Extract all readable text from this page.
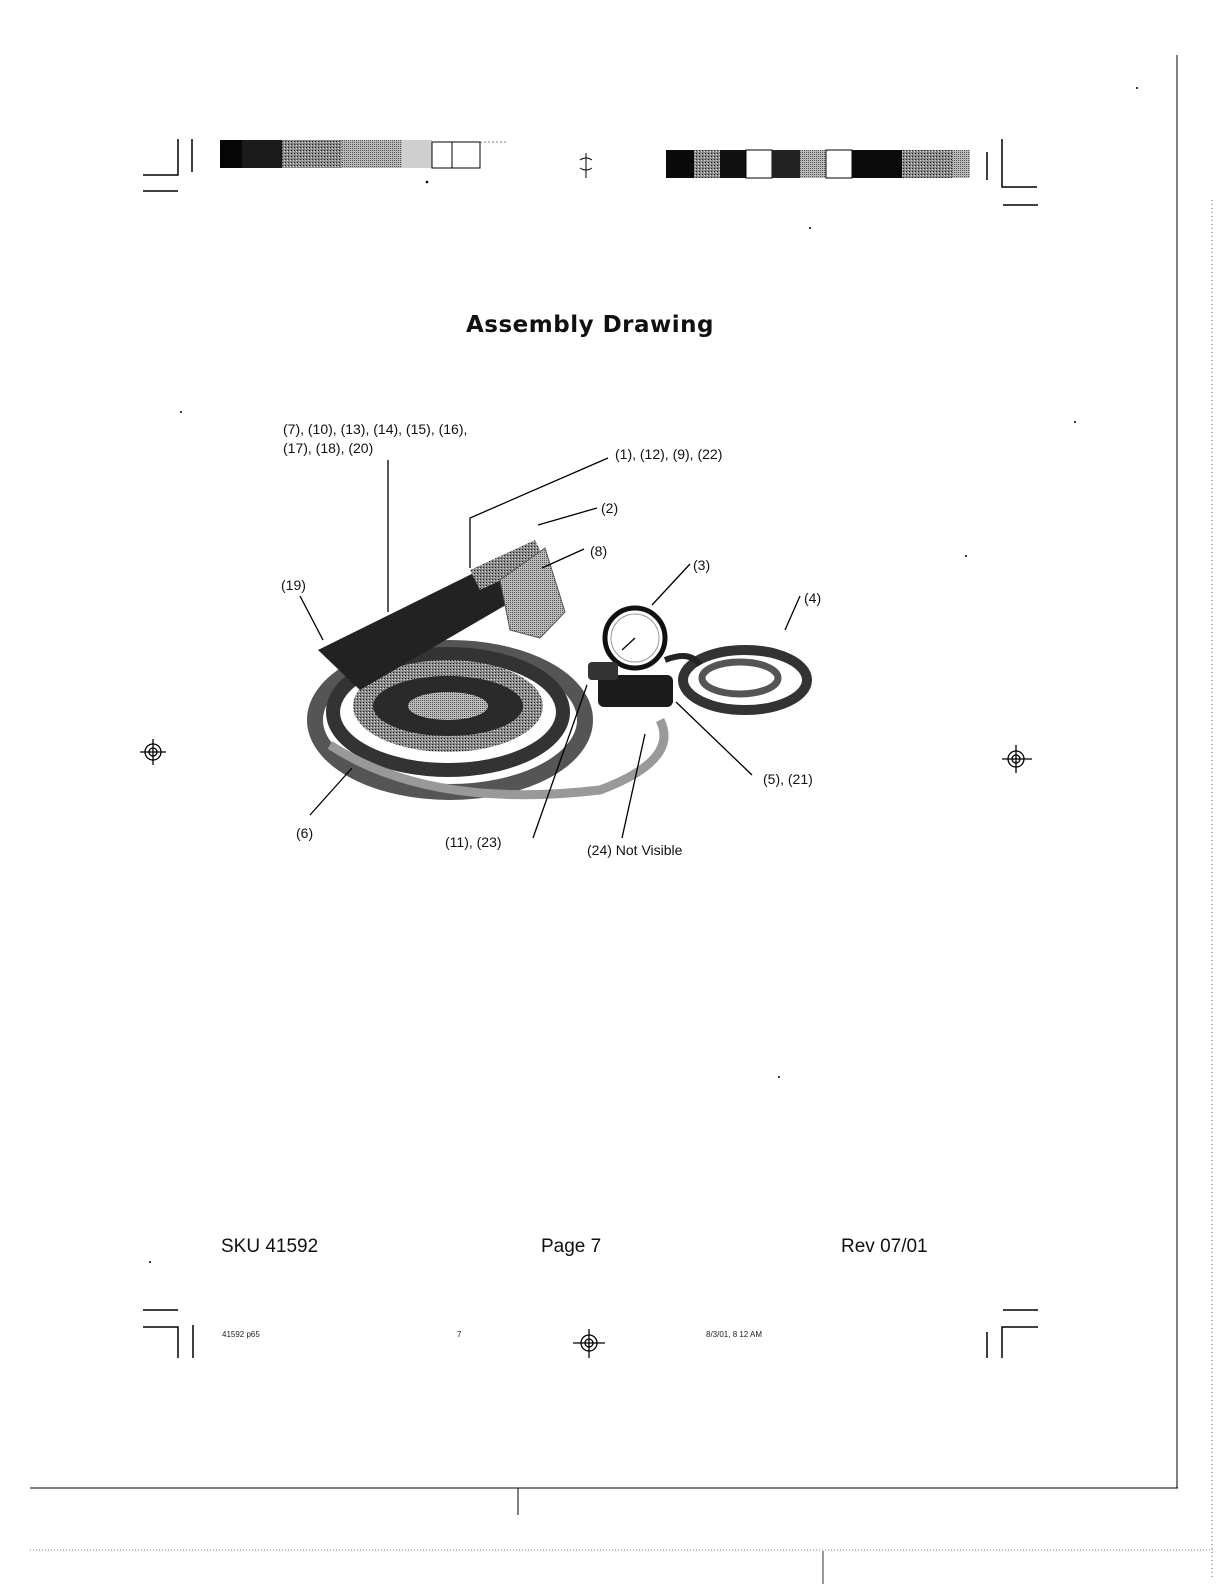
Assembly Drawing
(7), (10), (13), (14), (15), (16),
(17), (18), (20)	(1), (12), (9), (22)
(2)
(8)
(3)
(4)
(19)
(5), (21)
(6)
(11), (23)	(24) Not Visible
SKU 41592	Page 7	Rev 07/01
41592 p65	7	8/3/01, 8 12 AM
